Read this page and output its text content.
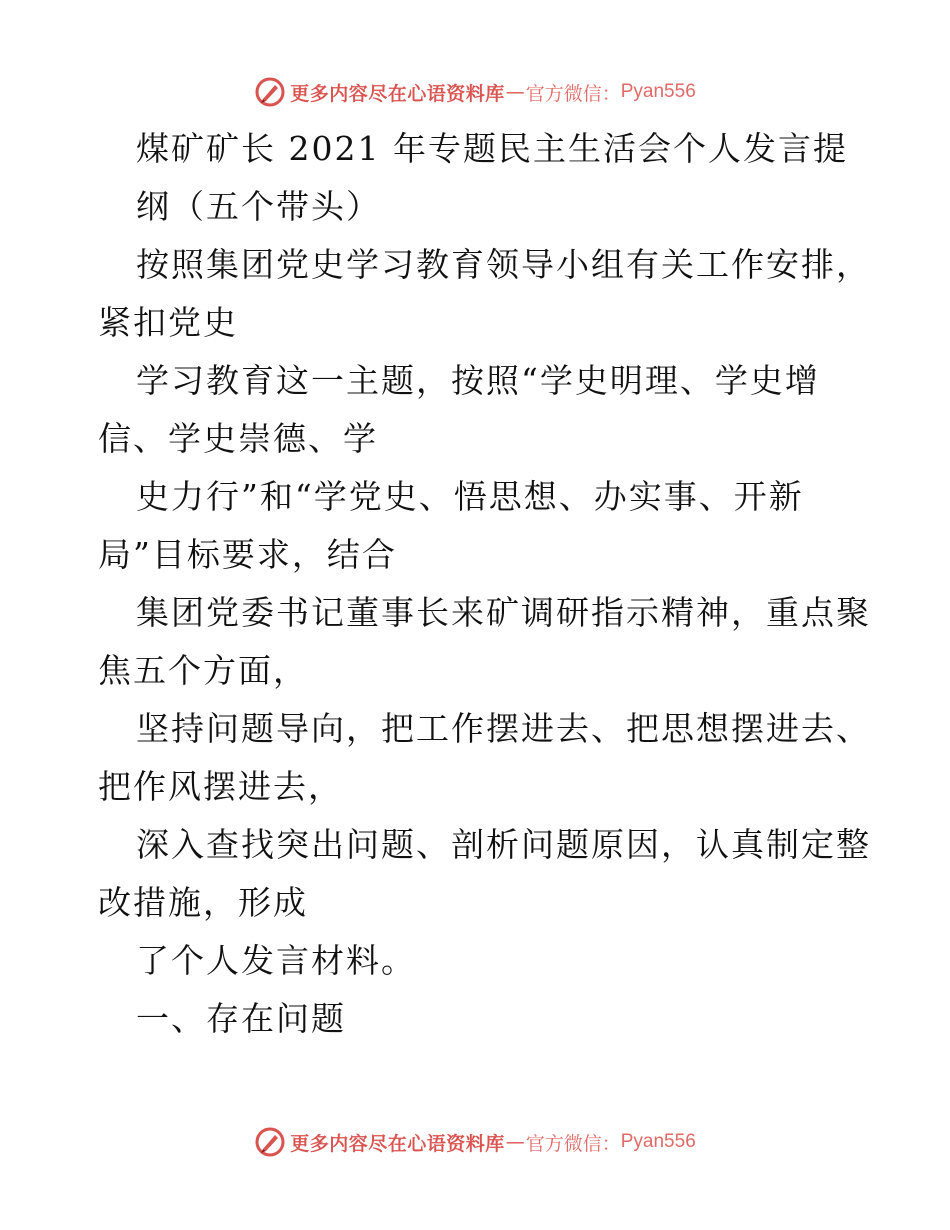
更多内容尽在心语资料库 — 官方微信： Pyan556
煤矿矿长 2021 年专题民主生活会个人发言提
纲（五个带头）
按照集团党史学习教育领导小组有关工作安排，
紧扣党史
学习教育这一主题，按照“学史明理、学史增
信、学史崇德、学
史力行”和“学党史、悟思想、办实事、开新
局”目标要求，结合
集团党委书记董事长来矿调研指示精神，重点聚
焦五个方面，
坚持问题导向，把工作摆进去、把思想摆进去、
把作风摆进去，
深入查找突出问题、剖析问题原因，认真制定整
改措施，形成
了个人发言材料。
一、存在问题
更多内容尽在心语资料库 — 官方微信： Pyan556
